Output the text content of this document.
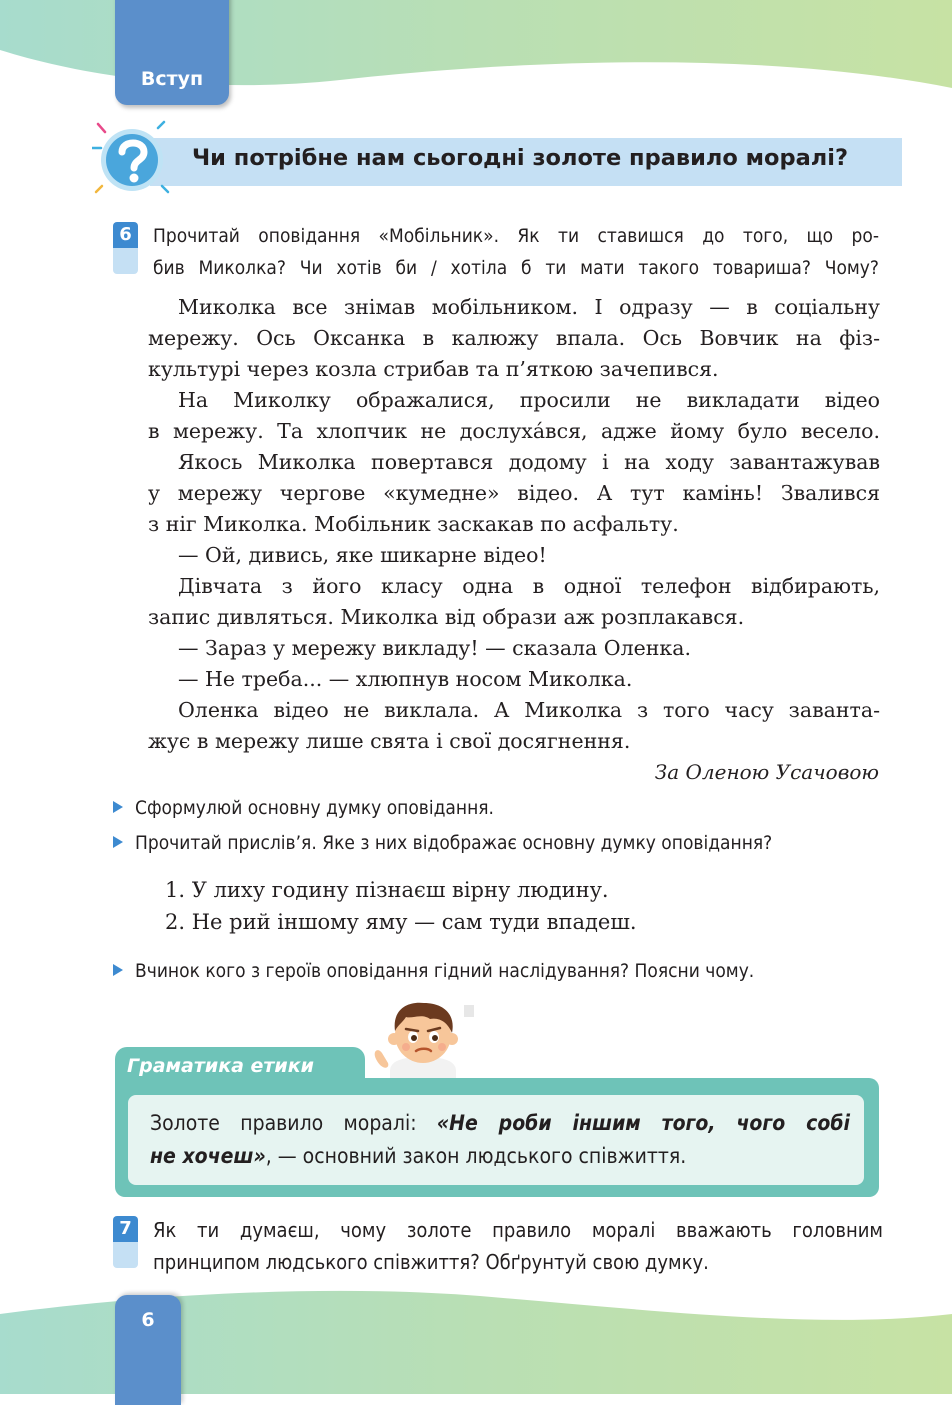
Вступ
Чи потрібне нам сьогодні золоте правило моралі?
6	Прочитай оповідання «Мобільник». Як ти ставишся до того, що ро-
бив Миколка? Чи хотів би / хотіла б ти мати такого товариша? Чому?
Миколка все знімав мобільником. І одразу — в соціальну
мережу. Ось Оксанка в калюжу впала. Ось Вовчик на фіз-
культурі через козла стрибав та п’яткою зачепився.
На Миколку ображалися, просили не викладати відео
в мережу. Та хлопчик не дослуха́вся, адже йому було весело.
Якось Миколка повертався додому і на ходу завантажував
у мережу чергове «кумедне» відео. А тут камінь! Звалився
з ніг Миколка. Мобільник заскакав по асфальту.
— Ой, дивись, яке шикарне відео!
Дівчата з його класу одна в одної телефон відбирають,
запис дивляться. Миколка від образи аж розплакався.
— Зараз у мережу викладу! — сказала Оленка.
— Не треба... — хлюпнув носом Миколка.
Оленка відео не виклала. А Миколка з того часу заванта-
жує в мережу лише свята і свої досягнення.
За Оленою Усачовою
Сформулюй основну думку оповідання.
Прочитай прислів’я. Яке з них відображає основну думку оповідання?
1. У лиху годину пізнаєш вірну людину.
2. Не рий іншому яму — сам туди впадеш.
Вчинок кого з героїв оповідання гідний наслідування? Поясни чому.
Золоте правило моралі: «Не роби іншим того, чого собі
не хочеш», — основний закон людського співжиття.
Граматика етики
7	Як ти думаєш, чому золоте правило моралі вважають головним
принципом людського співжиття? Обґрунтуй свою думку.
6
